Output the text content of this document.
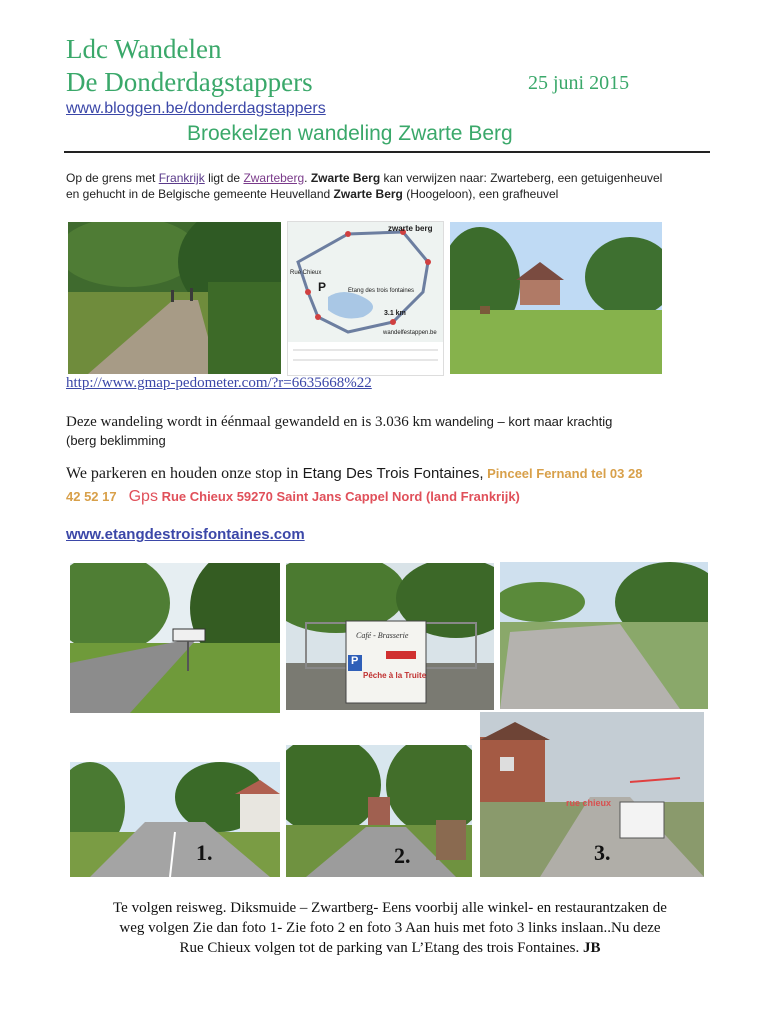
Ldc Wandelen
De Donderdagstappers	25 juni 2015
www.bloggen.be/donderdagstappers
Broekelzen wandeling Zwarte Berg
Op de grens met Frankrijk ligt de Zwarteberg. Zwarte Berg kan verwijzen naar: Zwarteberg, een getuigenheuvel
en gehucht in de Belgische gemeente Heuvelland Zwarte Berg (Hoogeloon), een grafheuvel
zwarte berg
Etang des trois fontaines
P
Rue Chieux
3.1 km
wandelfestappen.be
http://www.gmap-pedometer.com/?r=6635668%22
Deze wandeling wordt in éénmaal gewandeld en is 3.036 km wandeling – kort maar krachtig
(berg beklimming
We parkeren en houden onze stop in Etang Des Trois Fontaines, Pinceel Fernand tel 03 28
42 52 17 Gps Rue Chieux 59270 Saint Jans Cappel Nord (land Frankrijk)
www.etangdestroisfontaines.com
Café - Brasserie
Pêche à la Truite
P
1.	2.
rue chieux
3.
Te volgen reisweg. Diksmuide – Zwartberg- Eens voorbij alle winkel- en restaurantzaken de
weg volgen Zie dan foto 1- Zie foto 2 en foto 3 Aan huis met foto 3 links inslaan..Nu deze
Rue Chieux volgen tot de parking van L’Etang des trois Fontaines. JB
